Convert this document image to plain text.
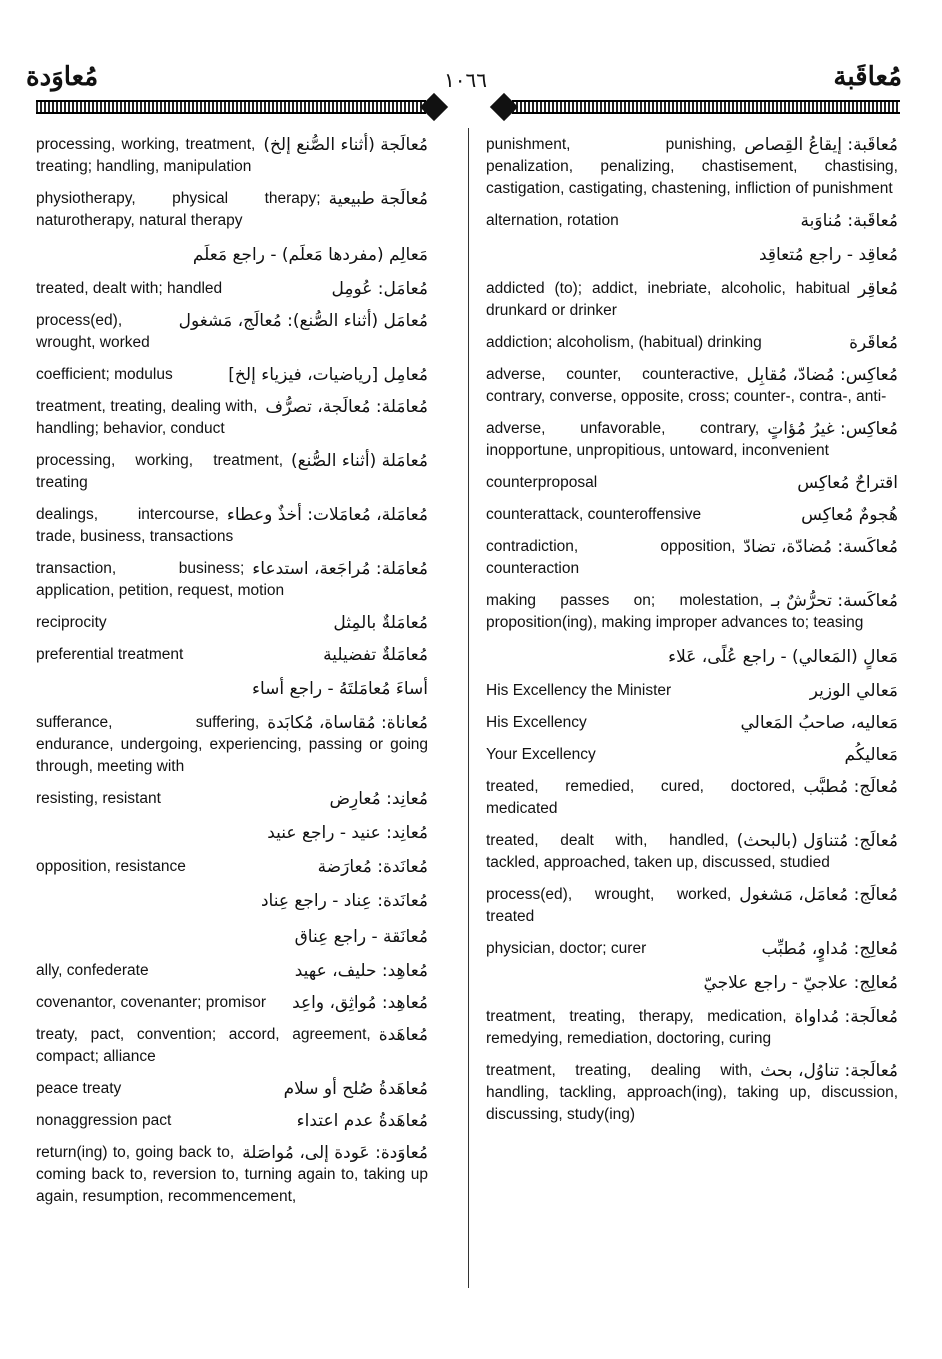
مُعاوَدة	١٠٦٦	مُعاقَبة
مُعالَجة (أثناء الصُّنع إلخ)
processing, working, treatment, treating; handling, manipulation
مُعالَجة طبيعية
physiotherapy, physical therapy; naturotherapy, natural therapy
مَعالِم (مفردها مَعلَم) - راجع مَعلَم
مُعامَل: عُومِل
treated, dealt with; handled
مُعامَل (أثناء الصُّنع): مُعالَج، مَشغول
process(ed), wrought, worked
مُعامِل [رياضيات، فيزياء إلخ]
coefficient; modulus
مُعامَلة: مُعالَجة، تصرُّف
treatment, treating, dealing with, handling; behavior, conduct
مُعامَلة (أثناء الصُّنع)
processing, working, treatment, treating
مُعامَلة، مُعامَلات: أخذٌ وعطاء
dealings, intercourse, trade, business, transactions
مُعامَلة: مُراجَعة، استدعاء
transaction, business; application, petition, request, motion
مُعامَلةٌ بالمِثل
reciprocity
مُعامَلةٌ تفضيلية
preferential treatment
أساءَ مُعامَلتَهُ - راجع أساء
مُعاناة: مُقاساة، مُكابَدة
sufferance, suffering, endurance, undergoing, experiencing, passing or going through, meeting with
مُعانِد: مُعارِض
resisting, resistant
مُعانِد: عنيد - راجع عنيد
مُعانَدة: مُعارَضة
opposition, resistance
مُعانَدة: عِناد - راجع عِناد
مُعانَقة - راجع عِناق
مُعاهِد: حليف، عهيد
ally, confederate
مُعاهِد: مُواثِق، واعِد
covenantor, covenanter; promisor
مُعاهَدة
treaty, pact, convention; accord, agreement, compact; alliance
مُعاهَدةُ صُلح أو سلام
peace treaty
مُعاهَدةُ عدم اعتداء
nonaggression pact
مُعاوَدة: عَودة إلى، مُواصَلة
return(ing) to, going back to, coming back to, reversion to, turning again to, taking up again, resumption, recommencement,
مُعاقَبة: إيقاعُ القِصاص
punishment, punishing, penalization, penalizing, chastisement, chastising, castigation, castigating, chastening, infliction of punishment
مُعاقَبة: مُناوَبة
alternation, rotation
مُعاقِد - راجع مُتعاقِد
مُعاقِر
addicted (to); addict, inebriate, alcoholic, habitual drunkard or drinker
مُعاقَرة
addiction; alcoholism, (habitual) drinking
مُعاكِس: مُضادّ، مُقابِل
adverse, counter, counteractive, contrary, converse, opposite, cross; counter-, contra-, anti-
مُعاكِس: غيرُ مُؤاتٍ
adverse, unfavorable, contrary, inopportune, unpropitious, untoward, inconvenient
اقتراحٌ مُعاكِس
counterproposal
هُجومٌ مُعاكِس
counterattack, counteroffensive
مُعاكَسة: مُضادّة، تضادّ
contradiction, opposition, counteraction
مُعاكَسة: تحرُّشٌ بـ
making passes on; molestation, proposition(ing), making improper advances to; teasing
مَعالٍ (المَعالي) - راجع عُلًى، عَلاء
مَعالي الوزير
His Excellency the Minister
مَعاليه، صاحبُ المَعالي
His Excellency
مَعاليكُم
Your Excellency
مُعالَج: مُطبَّب
treated, remedied, cured, doctored, medicated
مُعالَج: مُتناوَل (بالبحث)
treated, dealt with, handled, tackled, approached, taken up, discussed, studied
مُعالَج: مُعامَل، مَشغول
process(ed), wrought, worked, treated
مُعالِج: مُداوٍ، مُطبِّب
physician, doctor; curer
مُعالِج: علاجيّ - راجع علاجيّ
مُعالَجة: مُداواة
treatment, treating, therapy, medication, remedying, remediation, doctoring, curing
مُعالَجة: تناوُل، بحث
treatment, treating, dealing with, handling, tackling, approach(ing), taking up, discussion, discussing, study(ing)
